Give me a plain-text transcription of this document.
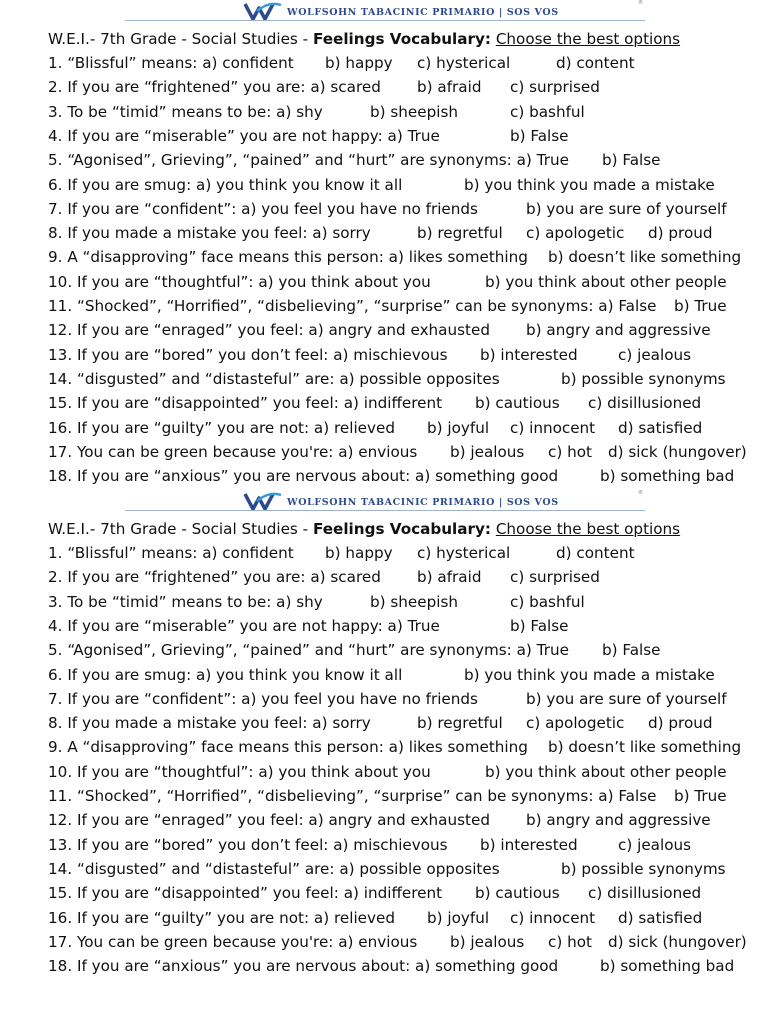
WOLFSOHN TABACINIC PRIMARIO | SOS VOS
®
W.E.I.- 7th Grade - Social Studies - Feelings Vocabulary: Choose the best options
1. “Blissful” means: a) confident b) happy c) hysterical	d) content
2. If you are “frightened” you are: a) scared b) afraid c) surprised
3. To be “timid” means to be: a) shy	b) sheepish	c) bashful
4. If you are “miserable” you are not happy: a) True	b) False
5. “Agonised”, Grieving”, “pained” and “hurt” are synonyms: a) True b) False
6. If you are smug: a) you think you know it all	b) you think you made a mistake
7. If you are “confident”: a) you feel you have no friends	b) you are sure of yourself
8. If you made a mistake you feel: a) sorry	b) regretful c) apologetic d) proud
9. A “disapproving” face means this person: a) likes something b) doesn’t like something
10. If you are “thoughtful”: a) you think about you	b) you think about other people
11. “Shocked”, “Horrified”, “disbelieving”, “surprise” can be synonyms: a) False b) True
12. If you are “enraged” you feel: a) angry and exhausted b) angry and aggressive
13. If you are “bored” you don’t feel: a) mischievous b) interested	c) jealous
14. “disgusted” and “distasteful” are: a) possible opposites	b) possible synonyms
15. If you are “disappointed” you feel: a) indifferent b) cautious c) disillusioned
16. If you are “guilty” you are not: a) relieved b) joyful c) innocent d) satisfied
17. You can be green because you're: a) envious b) jealous c) hot d) sick (hungover)
18. If you are “anxious” you are nervous about: a) something good	b) something bad
WOLFSOHN TABACINIC PRIMARIO | SOS VOS
®
W.E.I.- 7th Grade - Social Studies - Feelings Vocabulary: Choose the best options
1. “Blissful” means: a) confident b) happy c) hysterical	d) content
2. If you are “frightened” you are: a) scared b) afraid c) surprised
3. To be “timid” means to be: a) shy	b) sheepish	c) bashful
4. If you are “miserable” you are not happy: a) True	b) False
5. “Agonised”, Grieving”, “pained” and “hurt” are synonyms: a) True b) False
6. If you are smug: a) you think you know it all	b) you think you made a mistake
7. If you are “confident”: a) you feel you have no friends	b) you are sure of yourself
8. If you made a mistake you feel: a) sorry	b) regretful c) apologetic d) proud
9. A “disapproving” face means this person: a) likes something b) doesn’t like something
10. If you are “thoughtful”: a) you think about you	b) you think about other people
11. “Shocked”, “Horrified”, “disbelieving”, “surprise” can be synonyms: a) False b) True
12. If you are “enraged” you feel: a) angry and exhausted b) angry and aggressive
13. If you are “bored” you don’t feel: a) mischievous b) interested	c) jealous
14. “disgusted” and “distasteful” are: a) possible opposites	b) possible synonyms
15. If you are “disappointed” you feel: a) indifferent b) cautious c) disillusioned
16. If you are “guilty” you are not: a) relieved b) joyful c) innocent d) satisfied
17. You can be green because you're: a) envious b) jealous c) hot d) sick (hungover)
18. If you are “anxious” you are nervous about: a) something good	b) something bad
